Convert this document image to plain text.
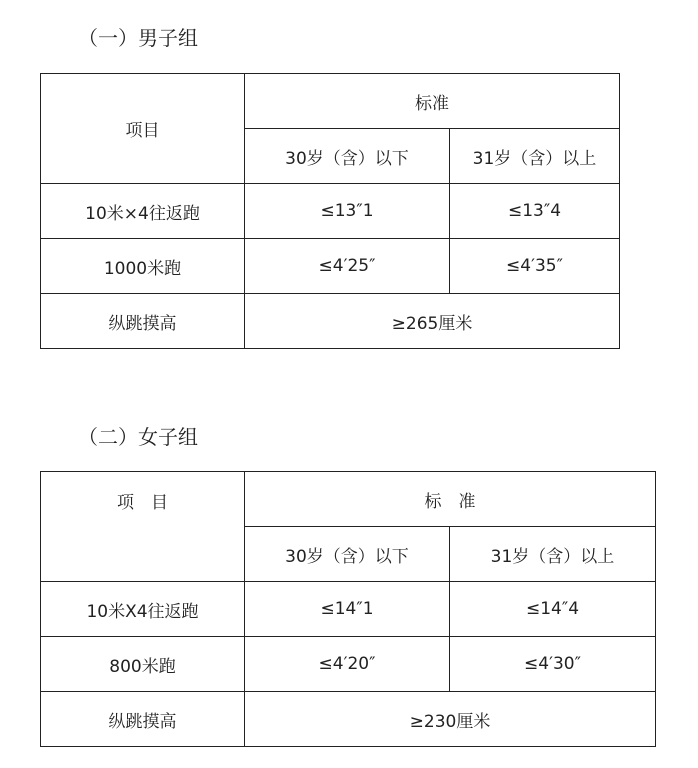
（一）男子组
项目	标准	
	30岁（含）以下	31岁（含）以上
10米×4往返跑	≤13″1	≤13″4
1000米跑	≤4′25″	≤4′35″
纵跳摸高	≥265厘米	
（二）女子组
项　目	标　准	
	30岁（含）以下	31岁（含）以上
10米X4往返跑	≤14″1	≤14″4
800米跑	≤4′20″	≤4′30″
纵跳摸高	≥230厘米	
